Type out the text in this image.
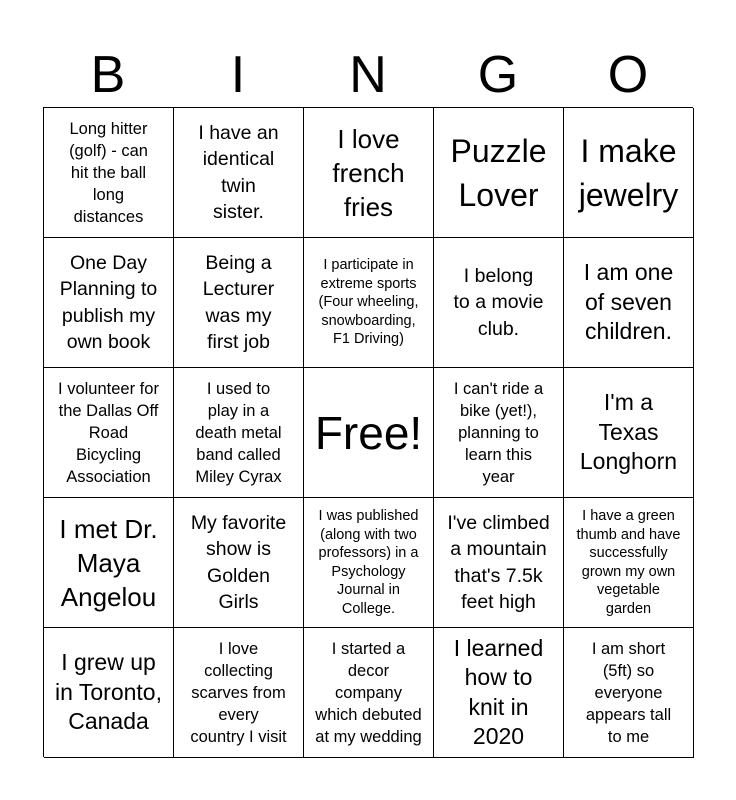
B	I	N	G	O
Long hitter
(golf) - can
hit the ball
long
distances
I have an
identical
twin
sister.
I love
french
fries
Puzzle
Lover
I make
jewelry
One Day
Planning to
publish my
own book
Being a
Lecturer
was my
first job
I participate in
extreme sports
(Four wheeling,
snowboarding,
F1 Driving)
I belong
to a movie
club.
I am one
of seven
children.
I volunteer for
the Dallas Off
Road
Bicycling
Association
I used to
play in a
death metal
band called
Miley Cyrax
Free!
I can't ride a
bike (yet!),
planning to
learn this
year
I'm a
Texas
Longhorn
I met Dr.
Maya
Angelou
My favorite
show is
Golden
Girls
I was published
(along with two
professors) in a
Psychology
Journal in
College.
I've climbed
a mountain
that's 7.5k
feet high
I have a green
thumb and have
successfully
grown my own
vegetable
garden
I grew up
in Toronto,
Canada
I love
collecting
scarves from
every
country I visit
I started a
decor
company
which debuted
at my wedding
I learned
how to
knit in
2020
I am short
(5ft) so
everyone
appears tall
to me
